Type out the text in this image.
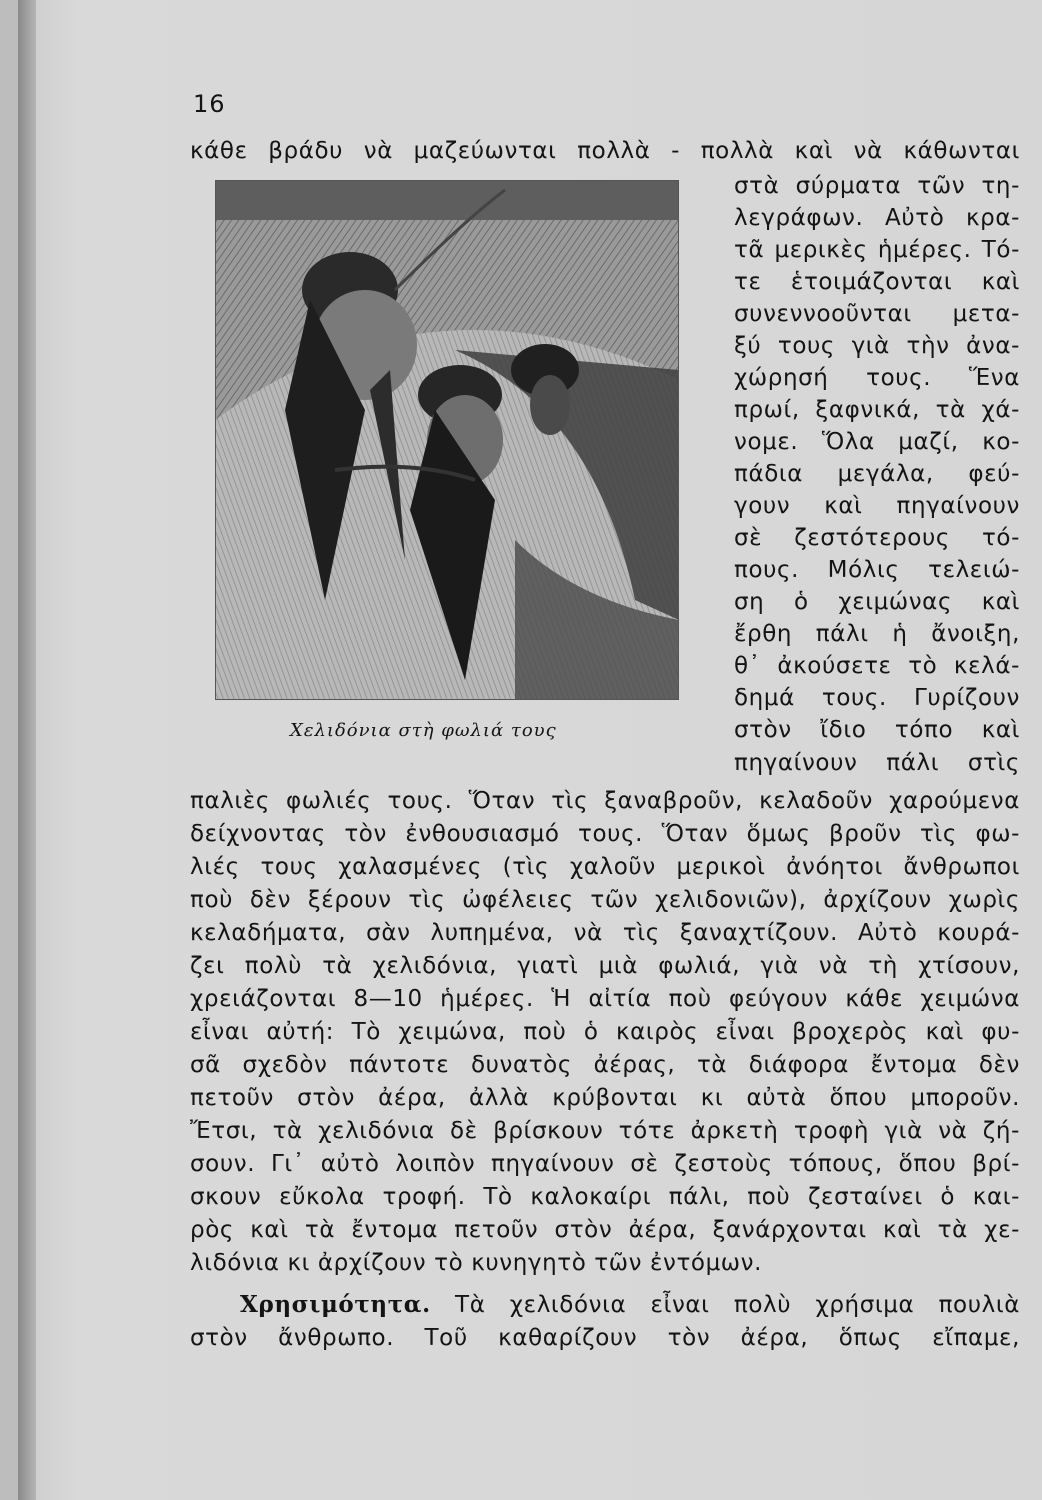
16
κάθε βράδυ νὰ μαζεύωνται πολλὰ - πολλὰ καὶ νὰ κάθωνται
Χελιδόνια στὴ φωλιά τους
στὰ σύρματα τῶν τη-
λεγράφων. Αὐτὸ κρα-
τᾶ μερικὲς ἡμέρες. Τό-
τε ἑτοιμάζονται καὶ
συνεννοοῦνται μετα-
ξύ τους γιὰ τὴν ἀνα-
χώρησή τους. Ἕνα
πρωί, ξαφνικά, τὰ χά-
νομε. Ὅλα μαζί, κο-
πάδια μεγάλα, φεύ-
γουν καὶ πηγαίνουν
σὲ ζεστότερους τό-
πους. Μόλις τελειώ-
ση ὁ χειμώνας καὶ
ἔρθη πάλι ἡ ἄνοιξη,
θ᾽ ἀκούσετε τὸ κελά-
δημά τους. Γυρίζουν
στὸν ἴδιο τόπο καὶ
πηγαίνουν πάλι στὶς
παλιὲς φωλιές τους. Ὅταν τὶς ξαναβροῦν, κελαδοῦν χαρούμενα
δείχνοντας τὸν ἐνθουσιασμό τους. Ὅταν ὅμως βροῦν τὶς φω-
λιές τους χαλασμένες (τὶς χαλοῦν μερικοὶ ἀνόητοι ἄνθρωποι
ποὺ δὲν ξέρουν τὶς ὠφέλειες τῶν χελιδονιῶν), ἀρχίζουν χωρὶς
κελαδήματα, σὰν λυπημένα, νὰ τὶς ξαναχτίζουν. Αὐτὸ κουρά-
ζει πολὺ τὰ χελιδόνια, γιατὶ μιὰ φωλιά, γιὰ νὰ τὴ χτίσουν,
χρειάζονται 8—10 ἡμέρες. Ἡ αἰτία ποὺ φεύγουν κάθε χειμώνα
εἶναι αὐτή: Τὸ χειμώνα, ποὺ ὁ καιρὸς εἶναι βροχερὸς καὶ φυ-
σᾶ σχεδὸν πάντοτε δυνατὸς ἀέρας, τὰ διάφορα ἔντομα δὲν
πετοῦν στὸν ἀέρα, ἀλλὰ κρύβονται κι αὐτὰ ὅπου μποροῦν.
Ἔτσι, τὰ χελιδόνια δὲ βρίσκουν τότε ἀρκετὴ τροφὴ γιὰ νὰ ζή-
σουν. Γι᾽ αὐτὸ λοιπὸν πηγαίνουν σὲ ζεστοὺς τόπους, ὅπου βρί-
σκουν εὔκολα τροφή. Τὸ καλοκαίρι πάλι, ποὺ ζεσταίνει ὁ και-
ρὸς καὶ τὰ ἔντομα πετοῦν στὸν ἀέρα, ξανάρχονται καὶ τὰ χε-
λιδόνια κι ἀρχίζουν τὸ κυνηγητὸ τῶν ἐντόμων.
Χρησιμότητα. Τὰ χελιδόνια εἶναι πολὺ χρήσιμα πουλιὰ
στὸν ἄνθρωπο. Τοῦ καθαρίζουν τὸν ἀέρα, ὅπως εἴπαμε,
